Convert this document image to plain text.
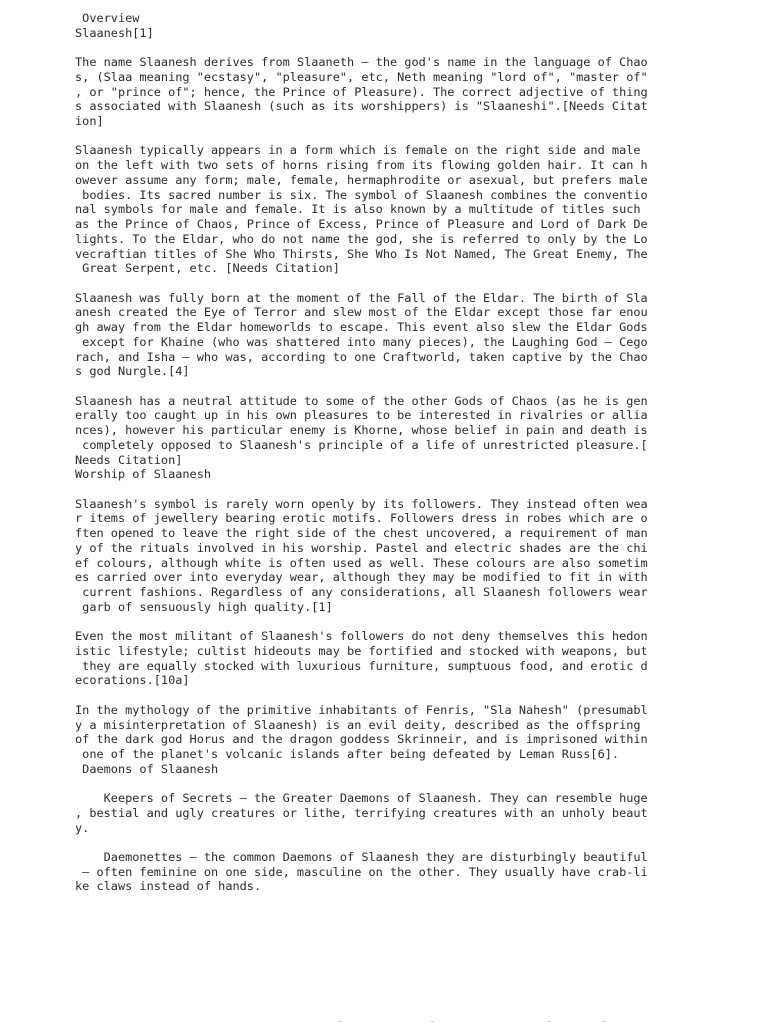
Overview
Slaanesh[1]
The name Slaanesh derives from Slaaneth – the god's name in the language of Chao
s, (Slaa meaning "ecstasy", "pleasure", etc, Neth meaning "lord of", "master of"
, or "prince of"; hence, the Prince of Pleasure). The correct adjective of thing
s associated with Slaanesh (such as its worshippers) is "Slaaneshi".[Needs Citat
ion]
Slaanesh typically appears in a form which is female on the right side and male
on the left with two sets of horns rising from its flowing golden hair. It can h
owever assume any form; male, female, hermaphrodite or asexual, but prefers male
bodies. Its sacred number is six. The symbol of Slaanesh combines the conventio
nal symbols for male and female. It is also known by a multitude of titles such
as the Prince of Chaos, Prince of Excess, Prince of Pleasure and Lord of Dark De
lights. To the Eldar, who do not name the god, she is referred to only by the Lo
vecraftian titles of She Who Thirsts, She Who Is Not Named, The Great Enemy, The
Great Serpent, etc. [Needs Citation]
Slaanesh was fully born at the moment of the Fall of the Eldar. The birth of Sla
anesh created the Eye of Terror and slew most of the Eldar except those far enou
gh away from the Eldar homeworlds to escape. This event also slew the Eldar Gods
except for Khaine (who was shattered into many pieces), the Laughing God – Cego
rach, and Isha – who was, according to one Craftworld, taken captive by the Chao
s god Nurgle.[4]
Slaanesh has a neutral attitude to some of the other Gods of Chaos (as he is gen
erally too caught up in his own pleasures to be interested in rivalries or allia
nces), however his particular enemy is Khorne, whose belief in pain and death is
completely opposed to Slaanesh's principle of a life of unrestricted pleasure.[
Needs Citation]
Worship of Slaanesh
Slaanesh's symbol is rarely worn openly by its followers. They instead often wea
r items of jewellery bearing erotic motifs. Followers dress in robes which are o
ften opened to leave the right side of the chest uncovered, a requirement of man
y of the rituals involved in his worship. Pastel and electric shades are the chi
ef colours, although white is often used as well. These colours are also sometim
es carried over into everyday wear, although they may be modified to fit in with
current fashions. Regardless of any considerations, all Slaanesh followers wear
garb of sensuously high quality.[1]
Even the most militant of Slaanesh's followers do not deny themselves this hedon
istic lifestyle; cultist hideouts may be fortified and stocked with weapons, but
they are equally stocked with luxurious furniture, sumptuous food, and erotic d
ecorations.[10a]
In the mythology of the primitive inhabitants of Fenris, "Sla Nahesh" (presumabl
y a misinterpretation of Slaanesh) is an evil deity, described as the offspring
of the dark god Horus and the dragon goddess Skrinneir, and is imprisoned within
one of the planet's volcanic islands after being defeated by Leman Russ[6].
Daemons of Slaanesh
Keepers of Secrets – the Greater Daemons of Slaanesh. They can resemble huge
, bestial and ugly creatures or lithe, terrifying creatures with an unholy beaut
y.
Daemonettes – the common Daemons of Slaanesh they are disturbingly beautiful
– often feminine on one side, masculine on the other. They usually have crab-li
ke claws instead of hands.
